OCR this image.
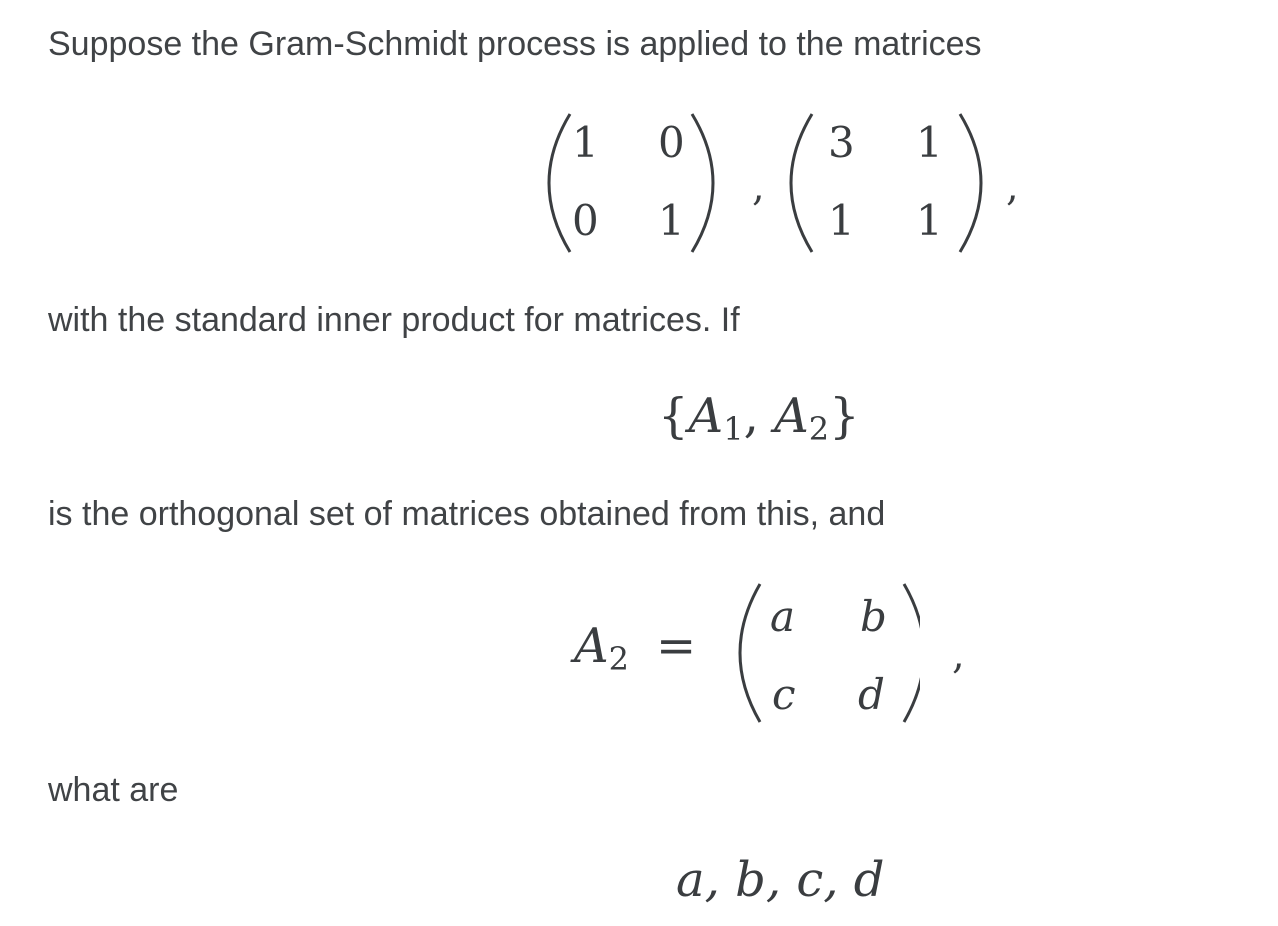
Suppose the Gram-Schmidt process is applied to the matrices
1 0
0 1
,
3 1
1 1
,
with the standard inner product for matrices. If
{$A_1$, $A_2$}
is the orthogonal set of matrices obtained from this, and
$A_2$ =
a b
c d
,
what are
a, b, c, d
